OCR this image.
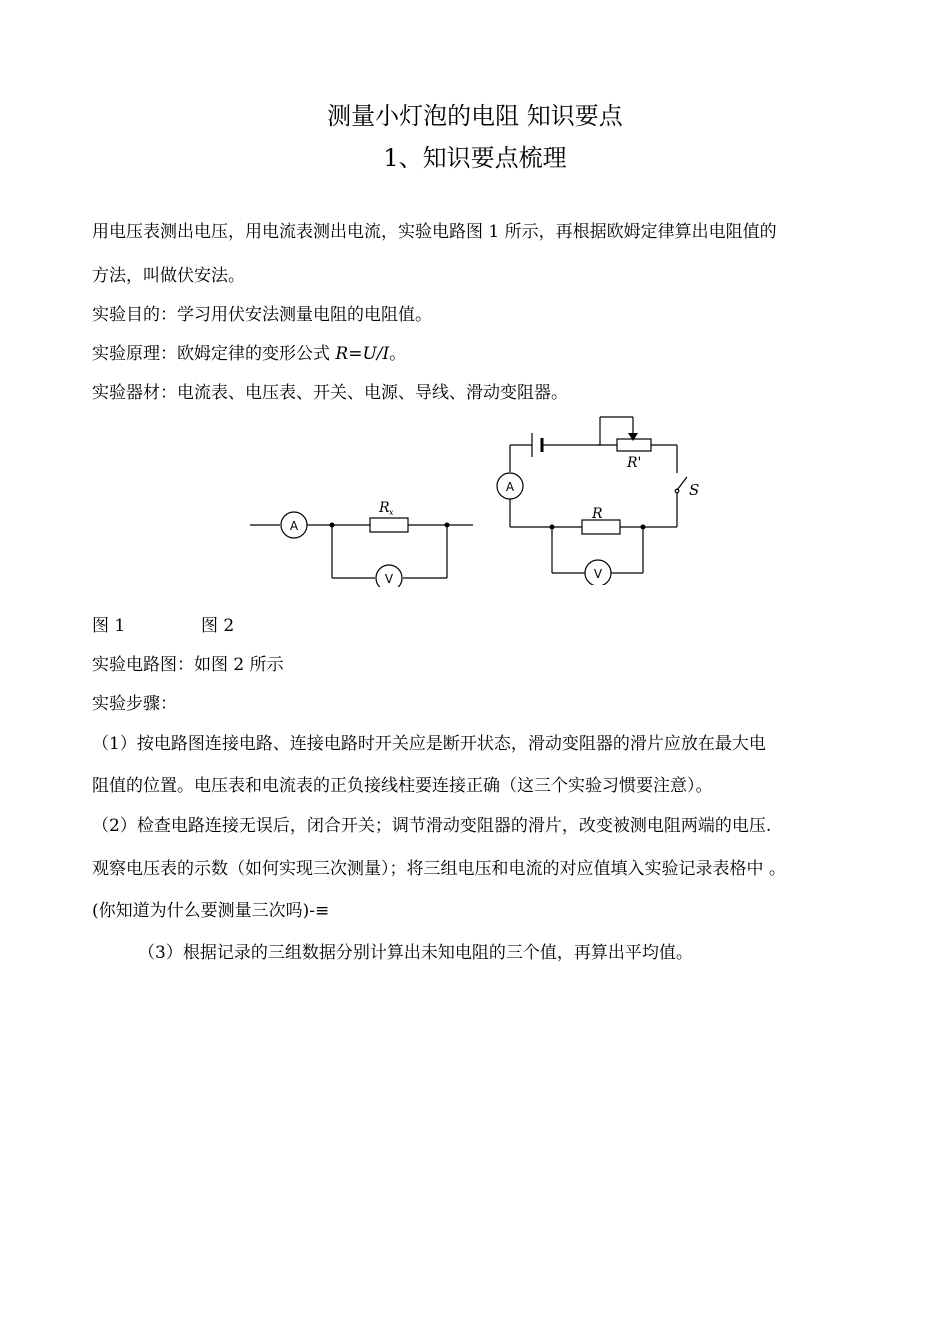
测量小灯泡的电阻 知识要点
1、知识要点梳理
用电压表测出电压，用电流表测出电流，实验电路图 1 所示，再根据欧姆定律算出电阻值的
方法，叫做伏安法。
实验目的：学习用伏安法测量电阻的电阻值。
实验原理：欧姆定律的变形公式 R=U/I。
实验器材：电流表、电压表、开关、电源、导线、滑动变阻器。
A
V
R x
A
V
R
R'
S
图 1	图 2
实验电路图：如图 2 所示
实验步骤：
（1）按电路图连接电路、连接电路时开关应是断开状态，滑动变阻器的滑片应放在最大电
阻值的位置。电压表和电流表的正负接线柱要连接正确（这三个实验习惯要注意）。
（2）检查电路连接无误后，闭合开关；调节滑动变阻器的滑片，改变被测电阻两端的电压.
观察电压表的示数（如何实现三次测量）；将三组电压和电流的对应值填入实验记录表格中 。
(你知道为什么要测量三次吗)-≡
（3）根据记录的三组数据分别计算出未知电阻的三个值，再算出平均值。
